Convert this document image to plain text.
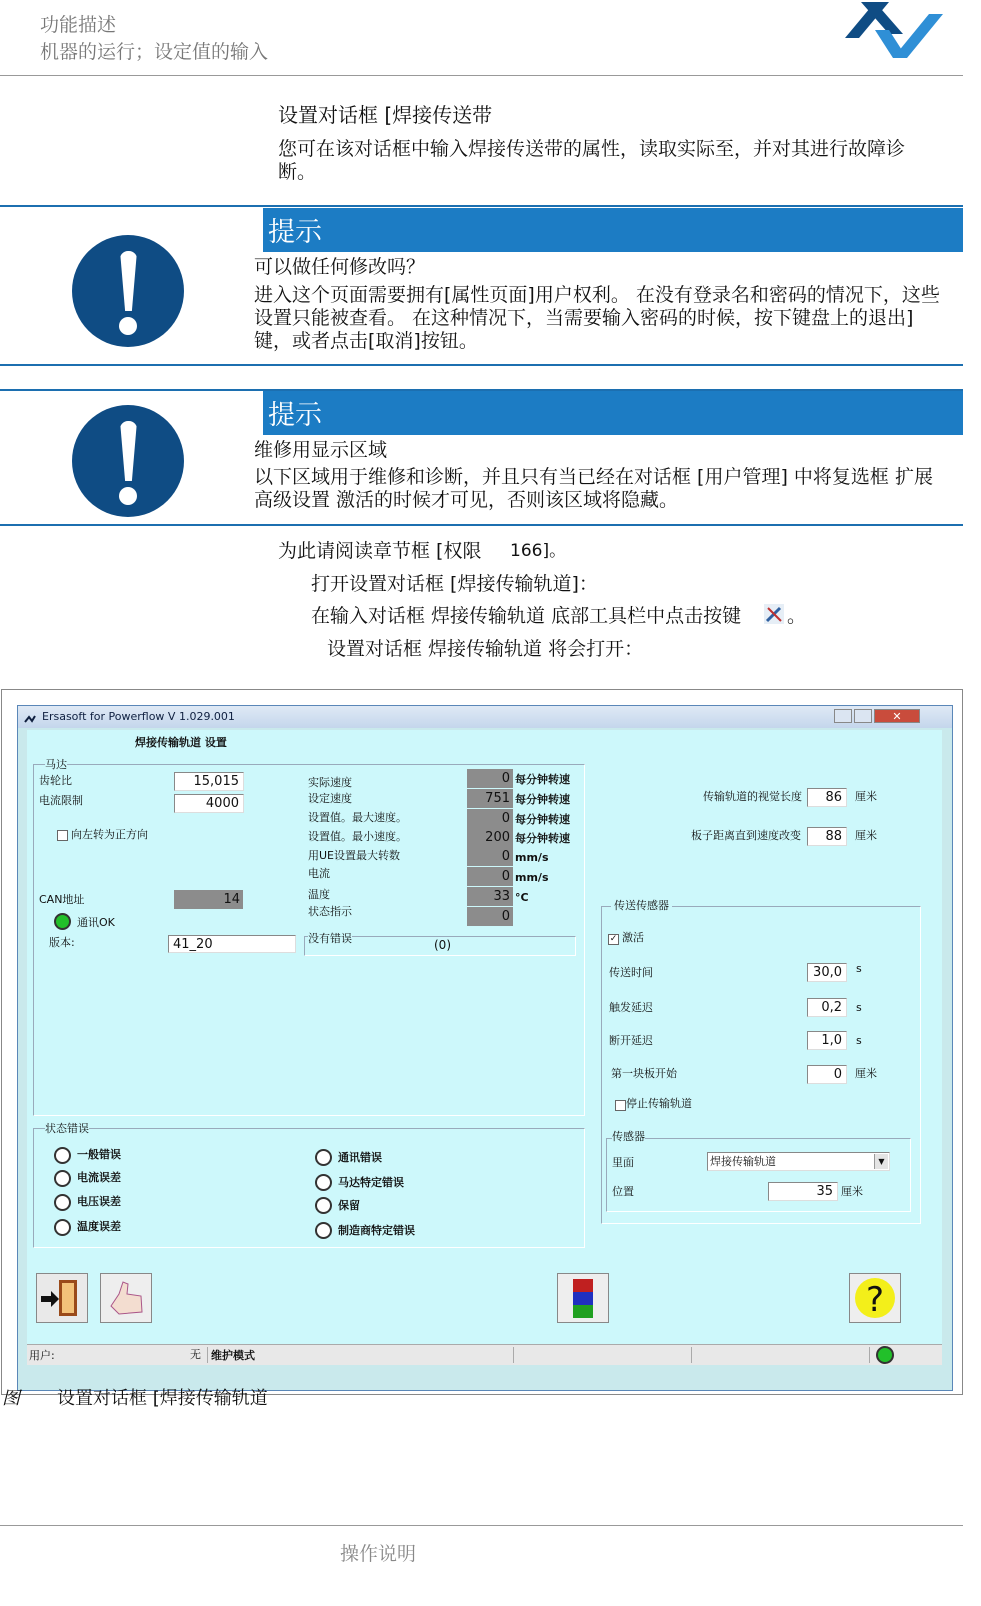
功能描述
机器的运行；设定值的输入
设置对话框 [焊接传送带
您可在该对话框中输入焊接传送带的属性，读取实际至，并对其进行故障诊断。
提示
可以做任何修改吗？
进入这个页面需要拥有[属性页面]用户权利。 在没有登录名和密码的情况下，这些设置只能被查看。 在这种情况下，当需要输入密码的时候，按下键盘上的退出]键，或者点击[取消]按钮。
提示
维修用显示区域
以下区域用于维修和诊断，并且只有当已经在对话框 [用户管理] 中将复选框 扩展高级设置 激活的时候才可见，否则该区域将隐藏。
为此请阅读章节框 [权限 166]。
打开设置对话框 [焊接传输轨道]：
在输入对话框 焊接传输轨道 底部工具栏中点击按键 。
设置对话框 焊接传输轨道 将会打开：
Ersasoft for Powerflow V 1.029.001	✕
焊接传输轨道 设置
马达
齿轮比	15,015
电流限制	4000
向左转为正方向
CAN地址	14
通讯OK
版本:	41_20
实际速度	0 每分钟转速
设定速度	751 每分钟转速
设置值。最大速度。	0 每分钟转速
设置值。最小速度。	200 每分钟转速
用UE设置最大转数	0 mm/s
电流	0 mm/s
温度	33 °C
状态指示	0
没有错误	(0)
传输轨道的视觉长度	86	厘米
板子距离直到速度改变	88	厘米
传送传感器
✓ 激活
传送时间	30,0	s
触发延迟	0,2	s
断开延迟	1,0	s
第一块板开始	0	厘米
停止传输轨道
传感器
里面	焊接传输轨道	▼
位置	35 厘米
状态错误
一般错误
电流误差
电压误差
温度误差
通讯错误
马达特定错误
保留
制造商特定错误
?
用户:	无 维护模式
图 设置对话框 [焊接传输轨道
操作说明
